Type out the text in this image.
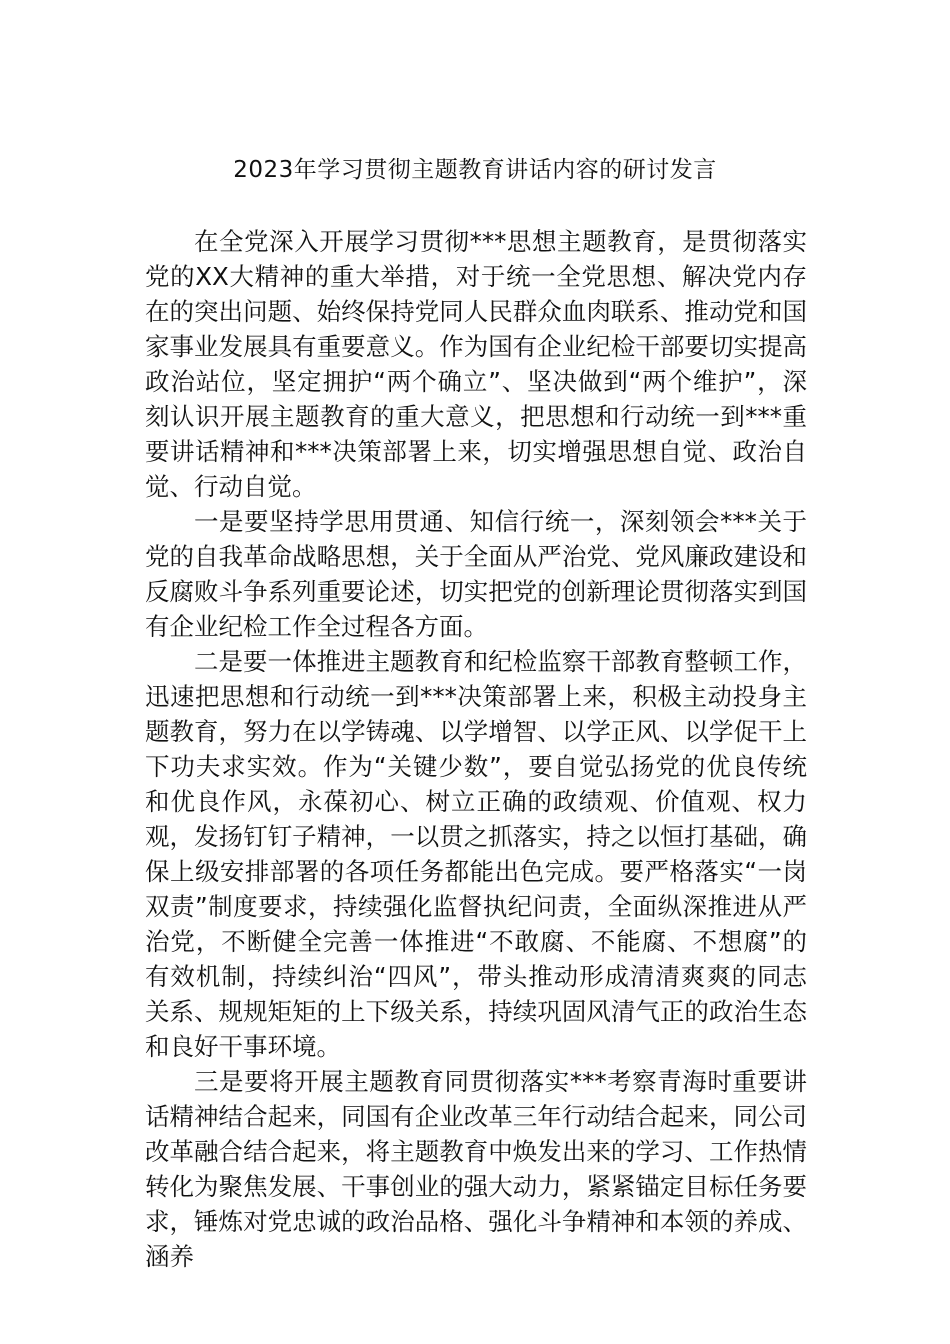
2023年学习贯彻主题教育讲话内容的研讨发言

在全党深入开展学习贯彻***思想主题教育，是贯彻落实党的XX大精神的重大举措，对于统一全党思想、解决党内存在的突出问题、始终保持党同人民群众血肉联系、推动党和国家事业发展具有重要意义。作为国有企业纪检干部要切实提高政治站位，坚定拥护“两个确立”、坚决做到“两个维护”，深刻认识开展主题教育的重大意义，把思想和行动统一到***重要讲话精神和***决策部署上来，切实增强思想自觉、政治自觉、行动自觉。

一是要坚持学思用贯通、知信行统一，深刻领会***关于党的自我革命战略思想，关于全面从严治党、党风廉政建设和反腐败斗争系列重要论述，切实把党的创新理论贯彻落实到国有企业纪检工作全过程各方面。

二是要一体推进主题教育和纪检监察干部教育整顿工作，迅速把思想和行动统一到***决策部署上来，积极主动投身主题教育，努力在以学铸魂、以学增智、以学正风、以学促干上下功夫求实效。作为“关键少数”，要自觉弘扬党的优良传统和优良作风，永葆初心、树立正确的政绩观、价值观、权力观，发扬钉钉子精神，一以贯之抓落实，持之以恒打基础，确保上级安排部署的各项任务都能出色完成。要严格落实“一岗双责”制度要求，持续强化监督执纪问责，全面纵深推进从严治党，不断健全完善一体推进“不敢腐、不能腐、不想腐”的有效机制，持续纠治“四风”，带头推动形成清清爽爽的同志关系、规规矩矩的上下级关系，持续巩固风清气正的政治生态和良好干事环境。

三是要将开展主题教育同贯彻落实***考察青海时重要讲话精神结合起来，同国有企业改革三年行动结合起来，同公司改革融合结合起来，将主题教育中焕发出来的学习、工作热情转化为聚焦发展、干事创业的强大动力，紧紧锚定目标任务要求，锤炼对党忠诚的政治品格、强化斗争精神和本领的养成、涵养
